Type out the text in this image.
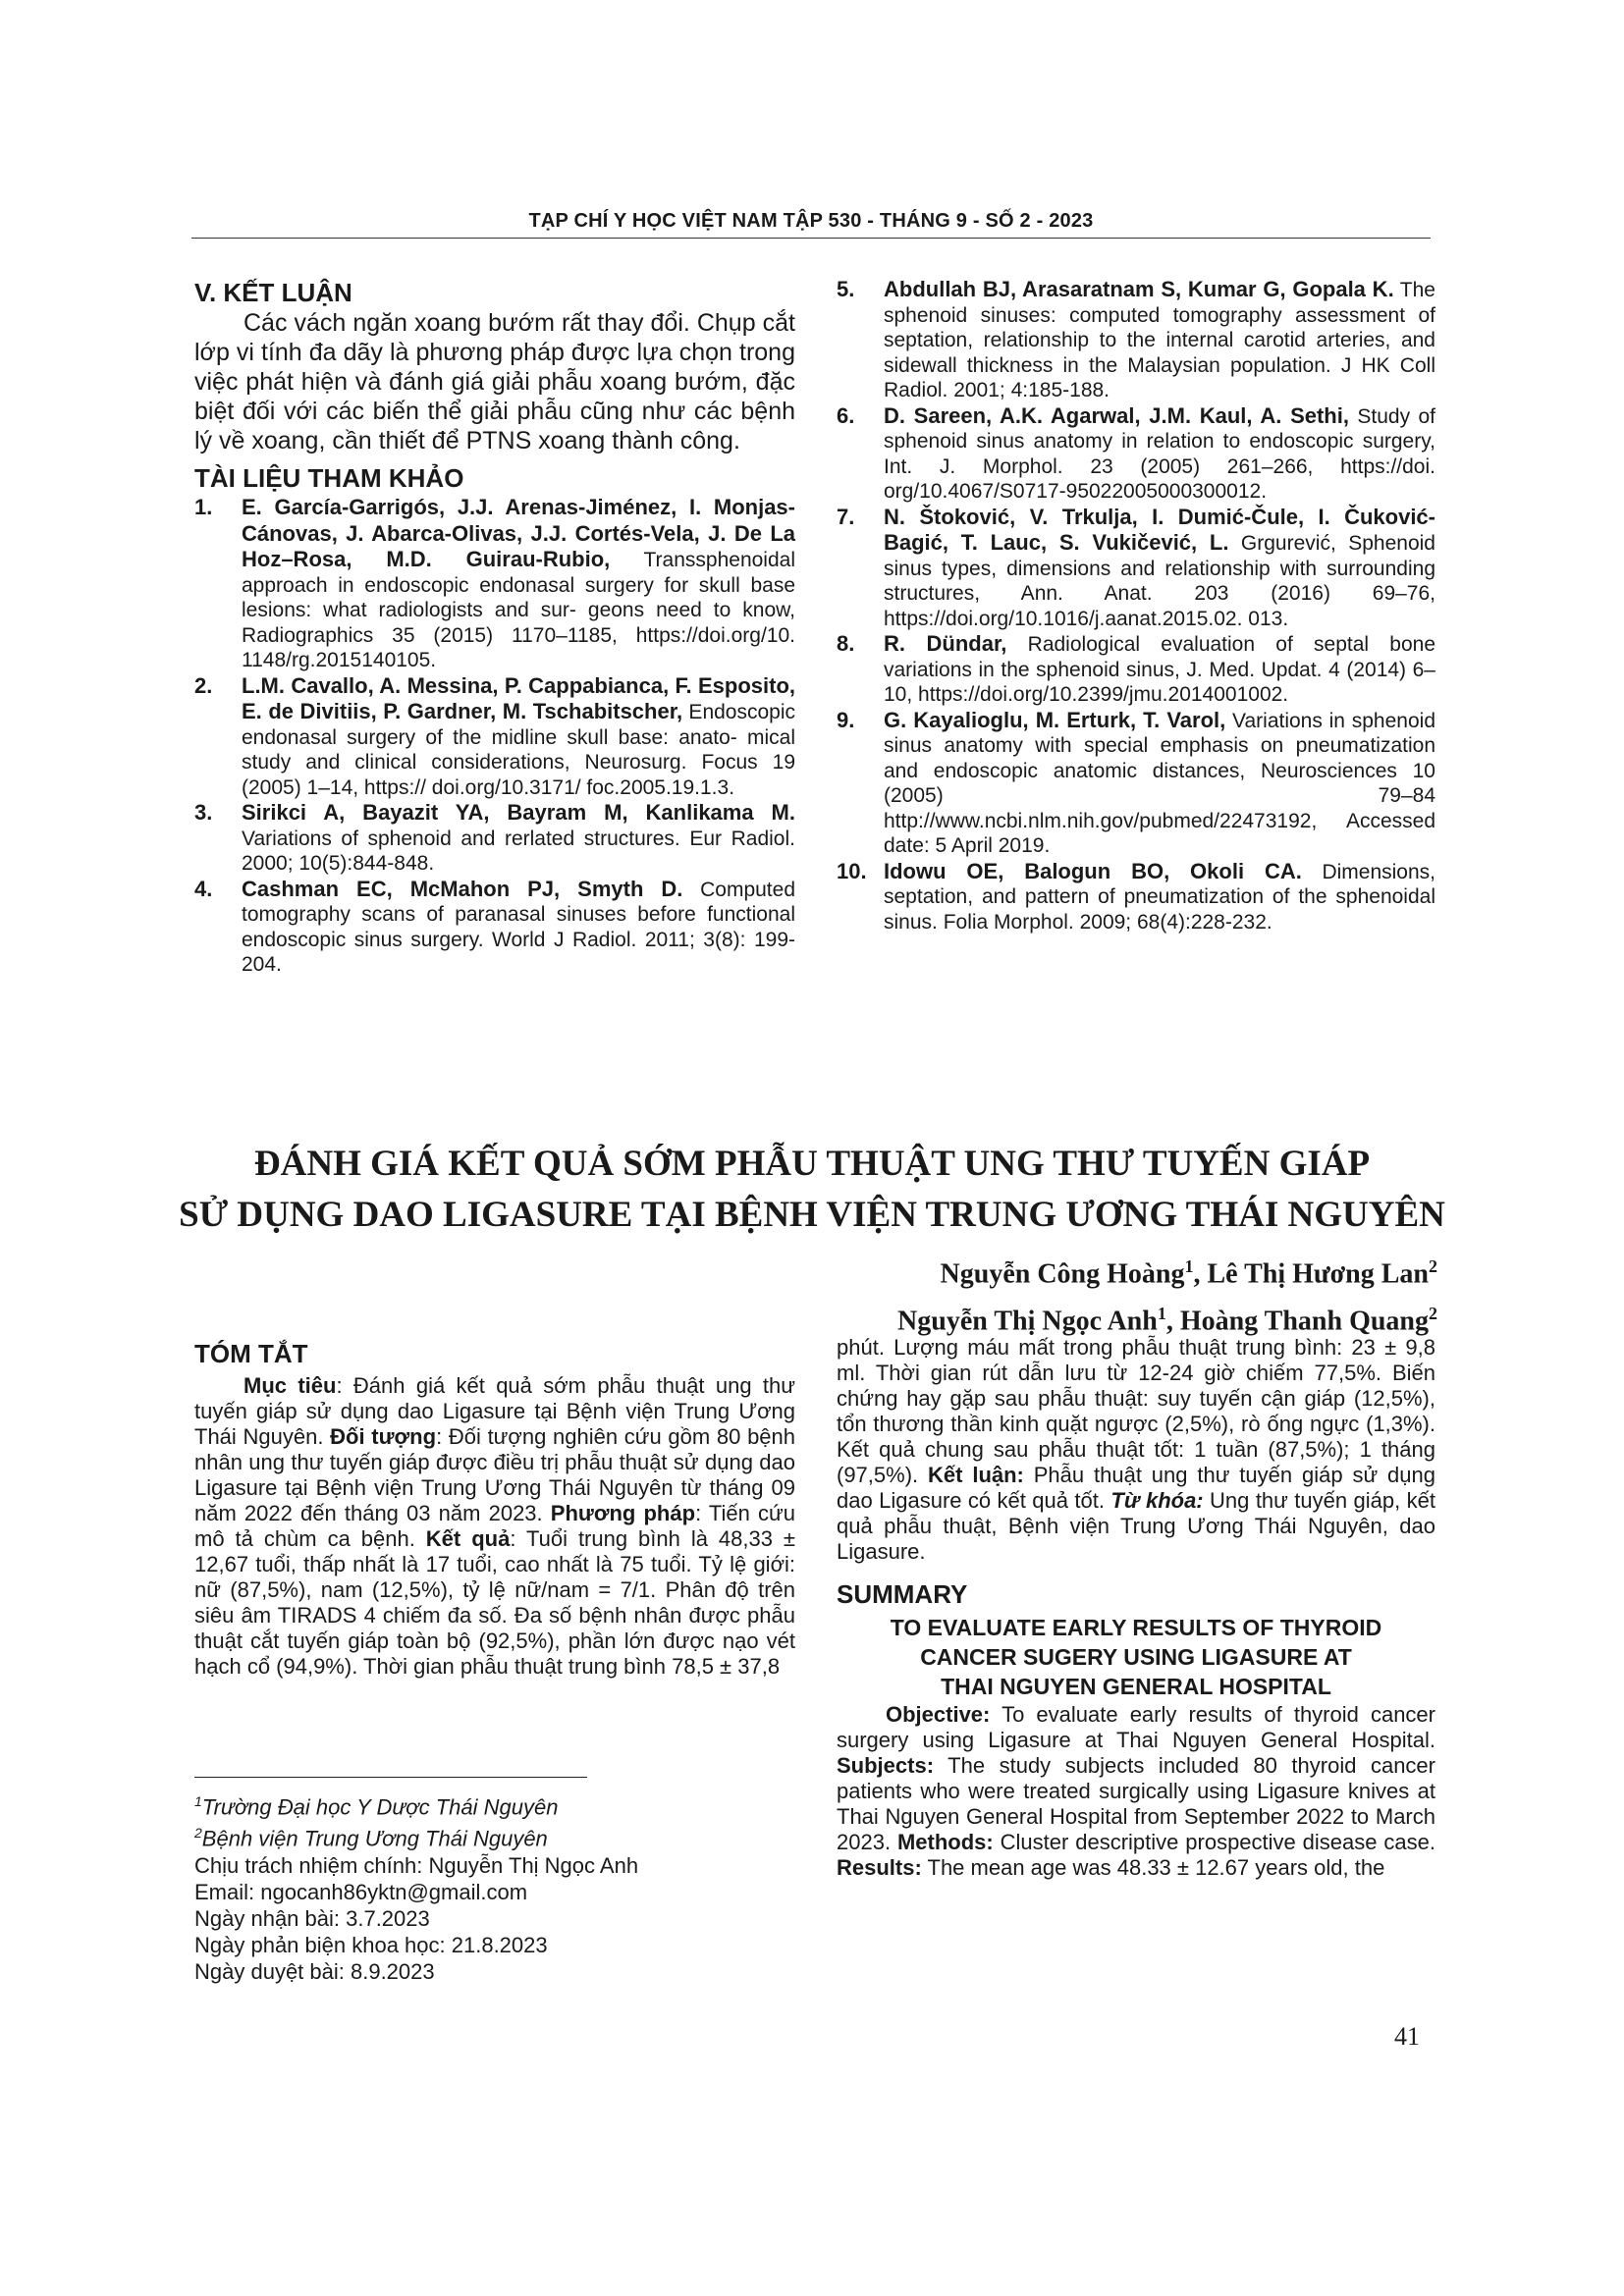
TẠP CHÍ Y HỌC VIỆT NAM TẬP 530 - THÁNG 9 - SỐ 2 - 2023

V. KẾT LUẬN

Các vách ngăn xoang bướm rất thay đổi. Chụp cắt lớp vi tính đa dãy là phương pháp được lựa chọn trong việc phát hiện và đánh giá giải phẫu xoang bướm, đặc biệt đối với các biến thể giải phẫu cũng như các bệnh lý về xoang, cần thiết để PTNS xoang thành công.

TÀI LIỆU THAM KHẢO

1. E. García-Garrigós, J.J. Arenas-Jiménez, I. Monjas-Cánovas, J. Abarca-Olivas, J.J. Cortés-Vela, J. De La Hoz–Rosa, M.D. Guirau-Rubio, Transsphenoidal approach in endoscopic endonasal surgery for skull base lesions: what radiologists and sur- geons need to know, Radiographics 35 (2015) 1170–1185, https://doi.org/10. 1148/rg.2015140105.

2. L.M. Cavallo, A. Messina, P. Cappabianca, F. Esposito, E. de Divitiis, P. Gardner, M. Tschabitscher, Endoscopic endonasal surgery of the midline skull base: anato- mical study and clinical considerations, Neurosurg. Focus 19 (2005) 1–14, https:// doi.org/10.3171/ foc.2005.19.1.3.

3. Sirikci A, Bayazit YA, Bayram M, Kanlikama M. Variations of sphenoid and rerlated structures. Eur Radiol. 2000; 10(5):844-848.

4. Cashman EC, McMahon PJ, Smyth D. Computed tomography scans of paranasal sinuses before functional endoscopic sinus surgery. World J Radiol. 2011; 3(8): 199-204.

5. Abdullah BJ, Arasaratnam S, Kumar G, Gopala K. The sphenoid sinuses: computed tomography assessment of septation, relationship to the internal carotid arteries, and sidewall thickness in the Malaysian population. J HK Coll Radiol. 2001; 4:185-188.

6. D. Sareen, A.K. Agarwal, J.M. Kaul, A. Sethi, Study of sphenoid sinus anatomy in relation to endoscopic surgery, Int. J. Morphol. 23 (2005) 261–266, https://doi. org/10.4067/S0717-95022005000300012.

7. N. Štoković, V. Trkulja, I. Dumić-Čule, I. Čuković-Bagić, T. Lauc, S. Vukičević, L. Grgurević, Sphenoid sinus types, dimensions and relationship with surrounding structures, Ann. Anat. 203 (2016) 69–76, https://doi.org/10.1016/j.aanat.2015.02. 013.

8. R. Dündar, Radiological evaluation of septal bone variations in the sphenoid sinus, J. Med. Updat. 4 (2014) 6–10, https://doi.org/10.2399/jmu.2014001002.

9. G. Kayalioglu, M. Erturk, T. Varol, Variations in sphenoid sinus anatomy with special emphasis on pneumatization and endoscopic anatomic distances, Neurosciences 10 (2005) 79–84 http://www.ncbi.nlm.nih.gov/pubmed/22473192, Accessed date: 5 April 2019.

10. Idowu OE, Balogun BO, Okoli CA. Dimensions, septation, and pattern of pneumatization of the sphenoidal sinus. Folia Morphol. 2009; 68(4):228-232.

ĐÁNH GIÁ KẾT QUẢ SỚM PHẪU THUẬT UNG THƯ TUYẾN GIÁP
SỬ DỤNG DAO LIGASURE TẠI BỆNH VIỆN TRUNG ƯƠNG THÁI NGUYÊN
Nguyễn Công Hoàng$^1$, Lê Thị Hương Lan$^2$
Nguyễn Thị Ngọc Anh$^1$, Hoàng Thanh Quang$^2$

TÓM TẮT

Mục tiêu: Đánh giá kết quả sớm phẫu thuật ung thư tuyến giáp sử dụng dao Ligasure tại Bệnh viện Trung Ương Thái Nguyên. Đối tượng: Đối tượng nghiên cứu gồm 80 bệnh nhân ung thư tuyến giáp được điều trị phẫu thuật sử dụng dao Ligasure tại Bệnh viện Trung Ương Thái Nguyên từ tháng 09 năm 2022 đến tháng 03 năm 2023. Phương pháp: Tiến cứu mô tả chùm ca bệnh. Kết quả: Tuổi trung bình là 48,33 ± 12,67 tuổi, thấp nhất là 17 tuổi, cao nhất là 75 tuổi. Tỷ lệ giới: nữ (87,5%), nam (12,5%), tỷ lệ nữ/nam = 7/1. Phân độ trên siêu âm TIRADS 4 chiếm đa số. Đa số bệnh nhân được phẫu thuật cắt tuyến giáp toàn bộ (92,5%), phần lớn được nạo vét hạch cổ (94,9%). Thời gian phẫu thuật trung bình 78,5 ± 37,8

phút. Lượng máu mất trong phẫu thuật trung bình: 23 ± 9,8 ml. Thời gian rút dẫn lưu từ 12-24 giờ chiếm 77,5%. Biến chứng hay gặp sau phẫu thuật: suy tuyến cận giáp (12,5%), tổn thương thần kinh quặt ngược (2,5%), rò ống ngực (1,3%). Kết quả chung sau phẫu thuật tốt: 1 tuần (87,5%); 1 tháng (97,5%). Kết luận: Phẫu thuật ung thư tuyến giáp sử dụng dao Ligasure có kết quả tốt. Từ khóa: Ung thư tuyến giáp, kết quả phẫu thuật, Bệnh viện Trung Ương Thái Nguyên, dao Ligasure.

SUMMARY

TO EVALUATE EARLY RESULTS OF THYROID

CANCER SUGERY USING LIGASURE AT

THAI NGUYEN GENERAL HOSPITAL

Objective: To evaluate early results of thyroid cancer surgery using Ligasure at Thai Nguyen General Hospital. Subjects: The study subjects included 80 thyroid cancer patients who were treated surgically using Ligasure knives at Thai Nguyen General Hospital from September 2022 to March 2023. Methods: Cluster descriptive prospective disease case. Results: The mean age was 48.33 ± 12.67 years old, the

$^1$Trường Đại học Y Dược Thái Nguyên

$^2$Bệnh viện Trung Ương Thái Nguyên

Chịu trách nhiệm chính: Nguyễn Thị Ngọc Anh

Email: ngocanh86yktn@gmail.com

Ngày nhận bài: 3.7.2023

Ngày phản biện khoa học: 21.8.2023

Ngày duyệt bài: 8.9.2023

41
